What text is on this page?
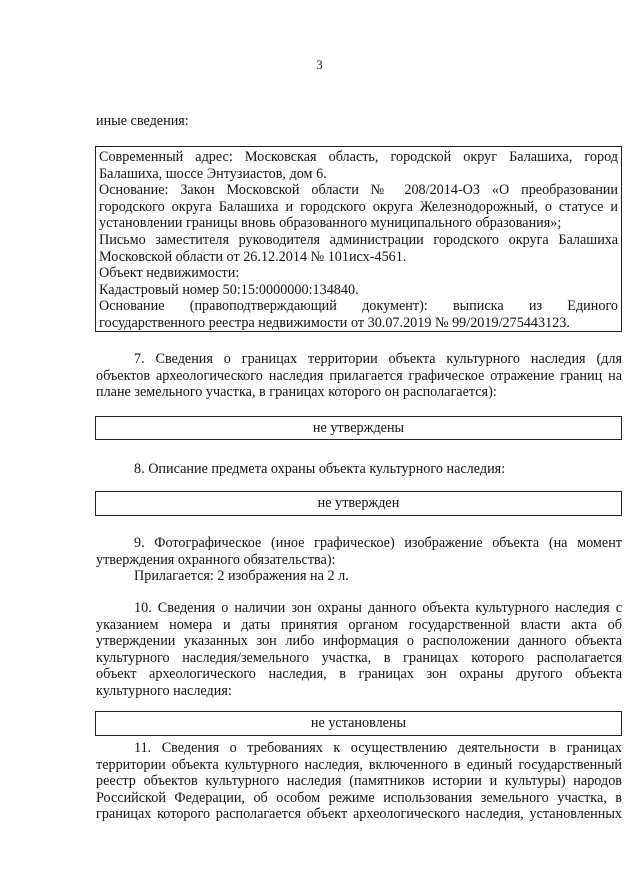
3
иные сведения:
Современный адрес: Московская область, городской округ Балашиха, город
Балашиха, шоссе Энтузиастов, дом 6.
Основание: Закон Московской области № 208/2014-ОЗ «О преобразовании
городского округа Балашиха и городского округа Железнодорожный, о статусе и
установлении границы вновь образованного муниципального образования»;
Письмо заместителя руководителя администрации городского округа Балашиха
Московской области от 26.12.2014 № 101исх-4561.
Объект недвижимости:
Кадастровый номер 50:15:0000000:134840.
Основание (правоподтверждающий документ): выписка из Единого
государственного реестра недвижимости от 30.07.2019 № 99/2019/275443123.
7. Сведения о границах территории объекта культурного наследия (для
объектов археологического наследия прилагается графическое отражение границ на
плане земельного участка, в границах которого он располагается):
не утверждены
8. Описание предмета охраны объекта культурного наследия:
не утвержден
9. Фотографическое (иное графическое) изображение объекта (на момент
утверждения охранного обязательства):
Прилагается: 2 изображения на 2 л.
10. Сведения о наличии зон охраны данного объекта культурного наследия с
указанием номера и даты принятия органом государственной власти акта об
утверждении указанных зон либо информация о расположении данного объекта
культурного наследия/земельного участка, в границах которого располагается
объект археологического наследия, в границах зон охраны другого объекта
культурного наследия:
не установлены
11. Сведения о требованиях к осуществлению деятельности в границах
территории объекта культурного наследия, включенного в единый государственный
реестр объектов культурного наследия (памятников истории и культуры) народов
Российской Федерации, об особом режиме использования земельного участка, в
границах которого располагается объект археологического наследия, установленных
